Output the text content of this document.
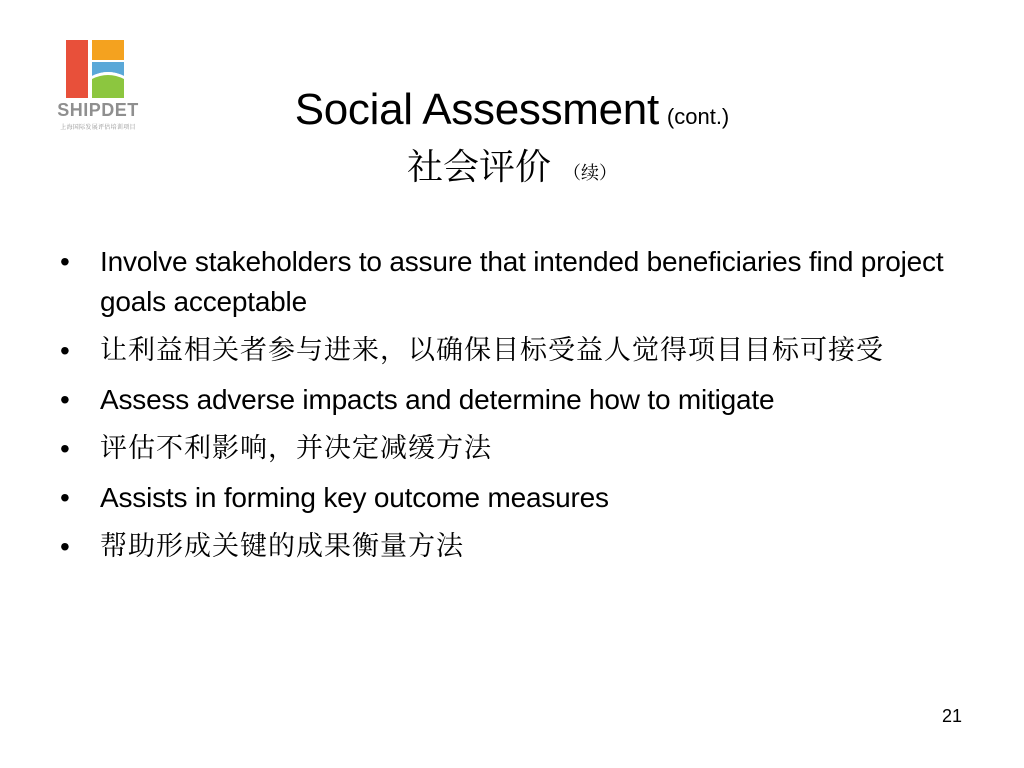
SHIPDET
上海国际发展评估培训项目	Social Assessment (cont.)
社会评价 （续）
• Involve stakeholders to assure that intended beneficiaries find project goals acceptable
• 让利益相关者参与进来，以确保目标受益人觉得项目目标可接受
• Assess adverse impacts and determine how to mitigate
• 评估不利影响，并决定减缓方法
• Assists in forming key outcome measures
• 帮助形成关键的成果衡量方法
21
